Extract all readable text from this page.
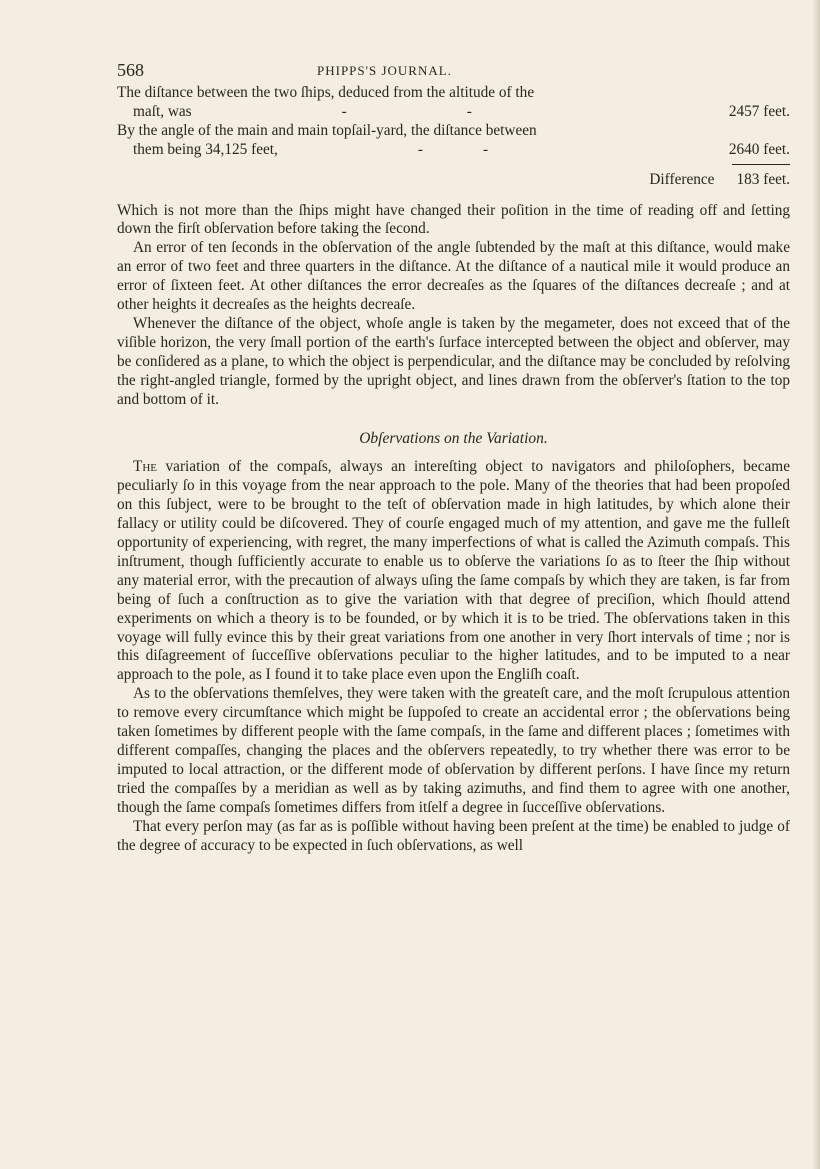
568	PHIPPS'S JOURNAL.
The diſtance between the two ſhips, deduced from the altitude of the
maſt, was	-	-	2457 feet.
By the angle of the main and main topſail-yard, the diſtance between
them being 34,125 feet,	-	-	2640 feet.
Difference 183 feet.

Which is not more than the ſhips might have changed their poſition in the time of reading off and ſetting down the firſt obſervation before taking the ſecond.

An error of ten ſeconds in the obſervation of the angle ſubtended by the maſt at this diſtance, would make an error of two feet and three quarters in the diſtance. At the diſtance of a nautical mile it would produce an error of ſixteen feet. At other diſtances the error decreaſes as the ſquares of the diſtances decreaſe ; and at other heights it decreaſes as the heights decreaſe.

Whenever the diſtance of the object, whoſe angle is taken by the megameter, does not exceed that of the viſible horizon, the very ſmall portion of the earth's ſurface intercepted between the object and obſerver, may be conſidered as a plane, to which the object is perpendicular, and the diſtance may be concluded by reſolving the right-angled triangle, formed by the upright object, and lines drawn from the obſerver's ſtation to the top and bottom of it.

Obſervations on the Variation.

The variation of the compaſs, always an intereſting object to navigators and philoſophers, became peculiarly ſo in this voyage from the near approach to the pole. Many of the theories that had been propoſed on this ſubject, were to be brought to the teſt of obſervation made in high latitudes, by which alone their fallacy or utility could be diſcovered. They of courſe engaged much of my attention, and gave me the fulleſt opportunity of experiencing, with regret, the many imperfections of what is called the Azimuth compaſs. This inſtrument, though ſufficiently accurate to enable us to obſerve the variations ſo as to ſteer the ſhip without any material error, with the precaution of always uſing the ſame compaſs by which they are taken, is far from being of ſuch a conſtruction as to give the variation with that degree of preciſion, which ſhould attend experiments on which a theory is to be founded, or by which it is to be tried. The obſervations taken in this voyage will fully evince this by their great variations from one another in very ſhort intervals of time ; nor is this diſagreement of ſucceſſive obſervations peculiar to the higher latitudes, and to be imputed to a near approach to the pole, as I found it to take place even upon the Engliſh coaſt.

As to the obſervations themſelves, they were taken with the greateſt care, and the moſt ſcrupulous attention to remove every circumſtance which might be ſuppoſed to create an accidental error ; the obſervations being taken ſometimes by different people with the ſame compaſs, in the ſame and different places ; ſometimes with different compaſſes, changing the places and the obſervers repeatedly, to try whether there was error to be imputed to local attraction, or the different mode of obſervation by different perſons. I have ſince my return tried the compaſſes by a meridian as well as by taking azimuths, and find them to agree with one another, though the ſame compaſs ſometimes differs from itſelf a degree in ſucceſſive obſervations.

That every perſon may (as far as is poſſible without having been preſent at the time) be enabled to judge of the degree of accuracy to be expected in ſuch obſervations, as well
